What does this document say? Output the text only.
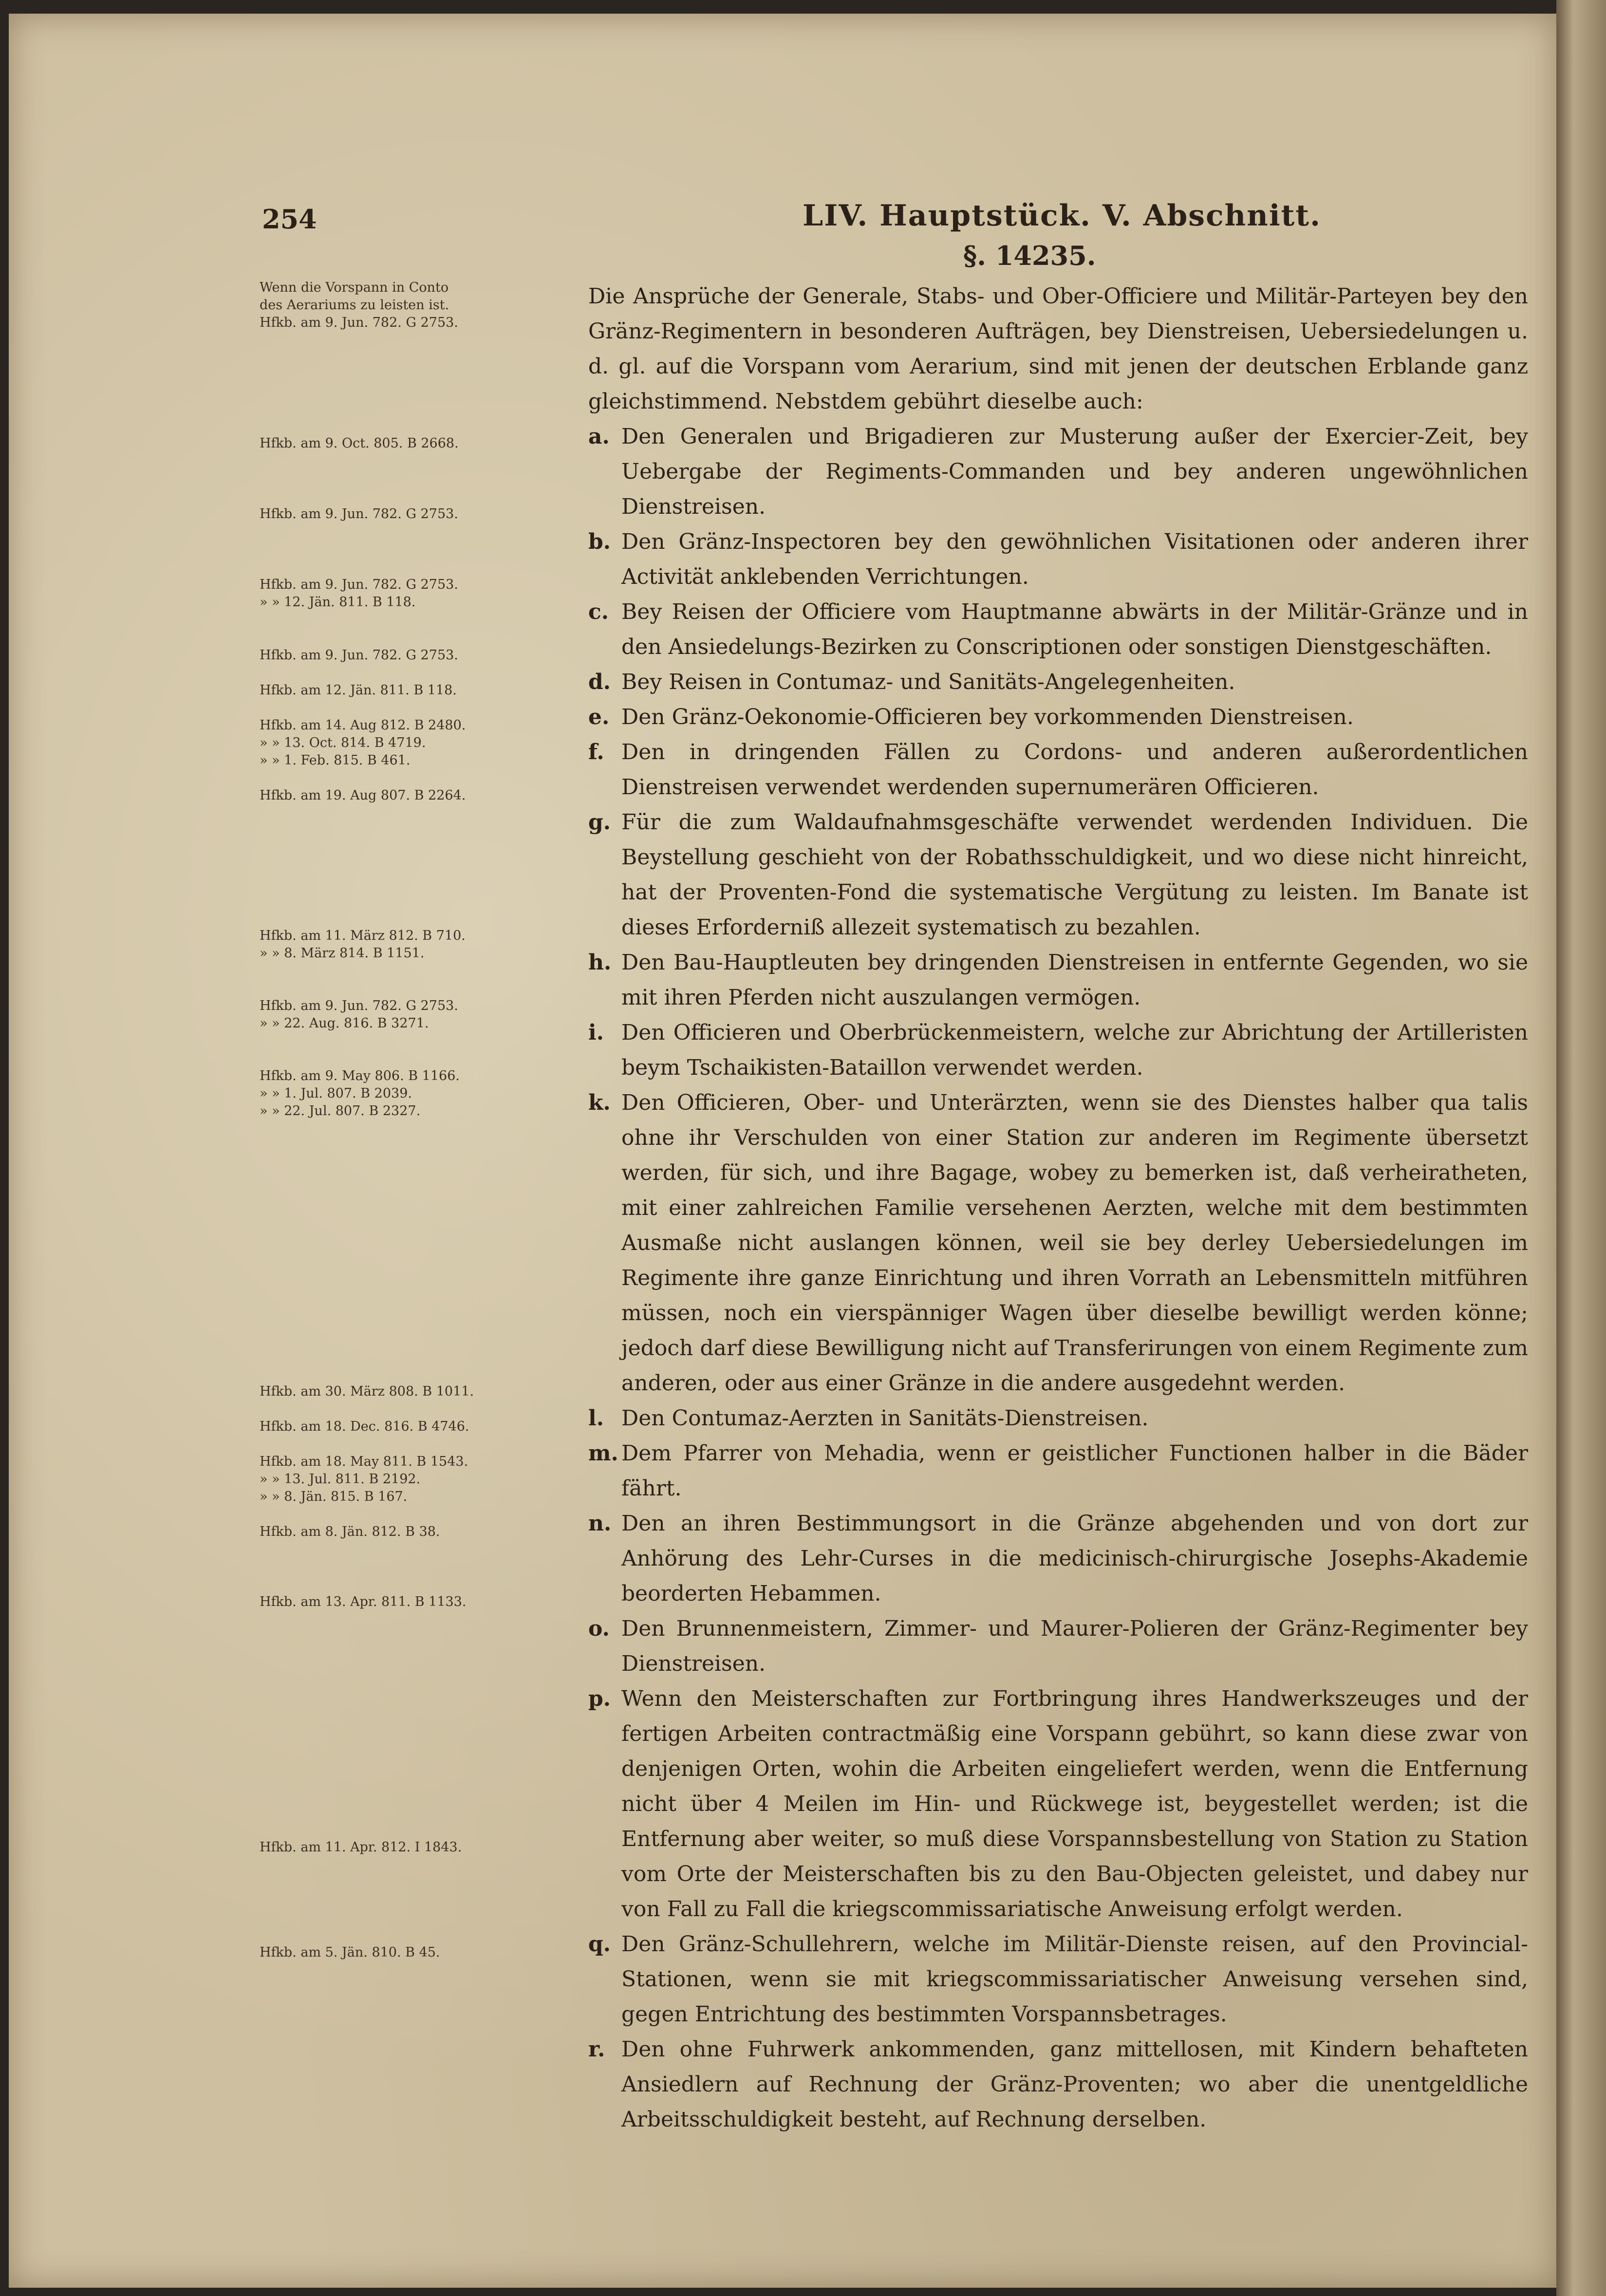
254	LIV. Hauptstück. V. Abschnitt.
§. 14235.
Wenn die Vorspann in Conto
des Aerariums zu leisten ist.
Hfkb. am 9. Jun. 782. G 2753.
Hfkb. am 9. Oct. 805. B 2668.
Hfkb. am 9. Jun. 782. G 2753.
Hfkb. am 9. Jun. 782. G 2753.
» » 12. Jän. 811. B 118.
Hfkb. am 9. Jun. 782. G 2753.
Hfkb. am 12. Jän. 811. B 118.
Hfkb. am 14. Aug 812. B 2480.
» » 13. Oct. 814. B 4719.
» » 1. Feb. 815. B 461.
Hfkb. am 19. Aug 807. B 2264.
Hfkb. am 11. März 812. B 710.
» » 8. März 814. B 1151.
Hfkb. am 9. Jun. 782. G 2753.
» » 22. Aug. 816. B 3271.
Hfkb. am 9. May 806. B 1166.
» » 1. Jul. 807. B 2039.
» » 22. Jul. 807. B 2327.
Hfkb. am 30. März 808. B 1011.
Hfkb. am 18. Dec. 816. B 4746.
Hfkb. am 18. May 811. B 1543.
» » 13. Jul. 811. B 2192.
» » 8. Jän. 815. B 167.
Hfkb. am 8. Jän. 812. B 38.
Hfkb. am 13. Apr. 811. B 1133.
Hfkb. am 11. Apr. 812. I 1843.
Hfkb. am 5. Jän. 810. B 45.

Die Ansprüche der Generale, Stabs- und Ober-Officiere und Militär-Parteyen bey den Gränz-Regimentern in besonderen Aufträgen, bey Dienstreisen, Uebersiedelungen u. d. gl. auf die Vorspann vom Aerarium, sind mit jenen der deutschen Erblande ganz gleichstimmend. Nebstdem gebührt dieselbe auch:

a. Den Generalen und Brigadieren zur Musterung außer der Exercier-Zeit, bey Uebergabe der Regiments-Commanden und bey anderen ungewöhnlichen Dienstreisen.

b. Den Gränz-Inspectoren bey den gewöhnlichen Visitationen oder anderen ihrer Activität anklebenden Verrichtungen.

c. Bey Reisen der Officiere vom Hauptmanne abwärts in der Militär-Gränze und in den Ansiedelungs-Bezirken zu Conscriptionen oder sonstigen Dienstgeschäften.

d. Bey Reisen in Contumaz- und Sanitäts-Angelegenheiten.

e. Den Gränz-Oekonomie-Officieren bey vorkommenden Dienstreisen.

f. Den in dringenden Fällen zu Cordons- und anderen außerordentlichen Dienstreisen verwendet werdenden supernumerären Officieren.

g. Für die zum Waldaufnahmsgeschäfte verwendet werdenden Individuen. Die Beystellung geschieht von der Robathsschuldigkeit, und wo diese nicht hinreicht, hat der Proventen-Fond die systematische Vergütung zu leisten. Im Banate ist dieses Erforderniß allezeit systematisch zu bezahlen.

h. Den Bau-Hauptleuten bey dringenden Dienstreisen in entfernte Gegenden, wo sie mit ihren Pferden nicht auszulangen vermögen.

i. Den Officieren und Oberbrückenmeistern, welche zur Abrichtung der Artilleristen beym Tschaikisten-Bataillon verwendet werden.

k. Den Officieren, Ober- und Unterärzten, wenn sie des Dienstes halber qua talis ohne ihr Verschulden von einer Station zur anderen im Regimente übersetzt werden, für sich, und ihre Bagage, wobey zu bemerken ist, daß verheiratheten, mit einer zahlreichen Familie versehenen Aerzten, welche mit dem bestimmten Ausmaße nicht auslangen können, weil sie bey derley Uebersiedelungen im Regimente ihre ganze Einrichtung und ihren Vorrath an Lebensmitteln mitführen müssen, noch ein vierspänniger Wagen über dieselbe bewilligt werden könne; jedoch darf diese Bewilligung nicht auf Transferirungen von einem Regimente zum anderen, oder aus einer Gränze in die andere ausgedehnt werden.

l. Den Contumaz-Aerzten in Sanitäts-Dienstreisen.

m. Dem Pfarrer von Mehadia, wenn er geistlicher Functionen halber in die Bäder fährt.

n. Den an ihren Bestimmungsort in die Gränze abgehenden und von dort zur Anhörung des Lehr-Curses in die medicinisch-chirurgische Josephs-Akademie beorderten Hebammen.

o. Den Brunnenmeistern, Zimmer- und Maurer-Polieren der Gränz-Regimenter bey Dienstreisen.

p. Wenn den Meisterschaften zur Fortbringung ihres Handwerkszeuges und der fertigen Arbeiten contractmäßig eine Vorspann gebührt, so kann diese zwar von denjenigen Orten, wohin die Arbeiten eingeliefert werden, wenn die Entfernung nicht über 4 Meilen im Hin- und Rückwege ist, beygestellet werden; ist die Entfernung aber weiter, so muß diese Vorspannsbestellung von Station zu Station vom Orte der Meisterschaften bis zu den Bau-Objecten geleistet, und dabey nur von Fall zu Fall die kriegscommissariatische Anweisung erfolgt werden.

q. Den Gränz-Schullehrern, welche im Militär-Dienste reisen, auf den Provincial-Stationen, wenn sie mit kriegscommissariatischer Anweisung versehen sind, gegen Entrichtung des bestimmten Vorspannsbetrages.

r. Den ohne Fuhrwerk ankommenden, ganz mittellosen, mit Kindern behafteten Ansiedlern auf Rechnung der Gränz-Proventen; wo aber die unentgeldliche Arbeitsschuldigkeit besteht, auf Rechnung derselben.
